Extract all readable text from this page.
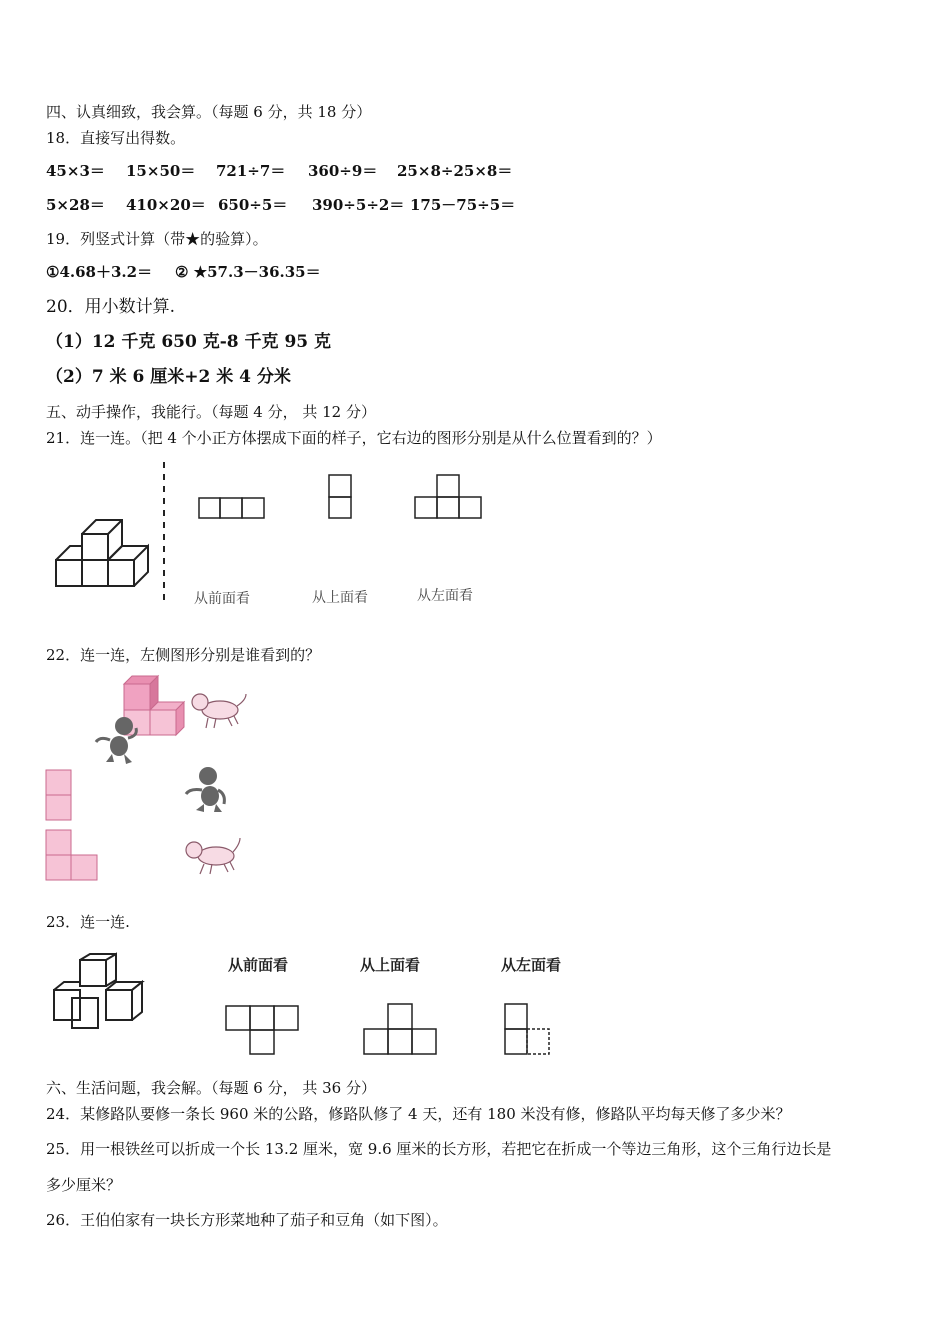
四、认真细致，我会算。（每题 6 分，共 18 分）
18．直接写出得数。
45×3＝ 15×50＝ 721÷7＝ 360÷9＝ 25×8÷25×8＝
5×28＝ 410×20＝ 650÷5＝ 390÷5÷2＝ 175－75÷5＝
19．列竖式计算（带★的验算）。
①4.68＋3.2＝ ② ★57.3－36.35＝
20．用小数计算.
（1）12 千克 650 克-8 千克 95 克
（2）7 米 6 厘米+2 米 4 分米
五、动手操作，我能行。（每题 4 分， 共 12 分）
21．连一连。（把 4 个小正方体摆成下面的样子，它右边的图形分别是从什么位置看到的？）
从前面看	从上面看	从左面看
22．连一连，左侧图形分别是谁看到的？
23．连一连.
从前面看	从上面看	从左面看
六、生活问题，我会解。（每题 6 分， 共 36 分）
24．某修路队要修一条长 960 米的公路，修路队修了 4 天，还有 180 米没有修，修路队平均每天修了多少米？
25．用一根铁丝可以折成一个长 13.2 厘米，宽 9.6 厘米的长方形，若把它在折成一个等边三角形，这个三角行边长是
多少厘米？
26．王伯伯家有一块长方形菜地种了茄子和豆角（如下图）。
